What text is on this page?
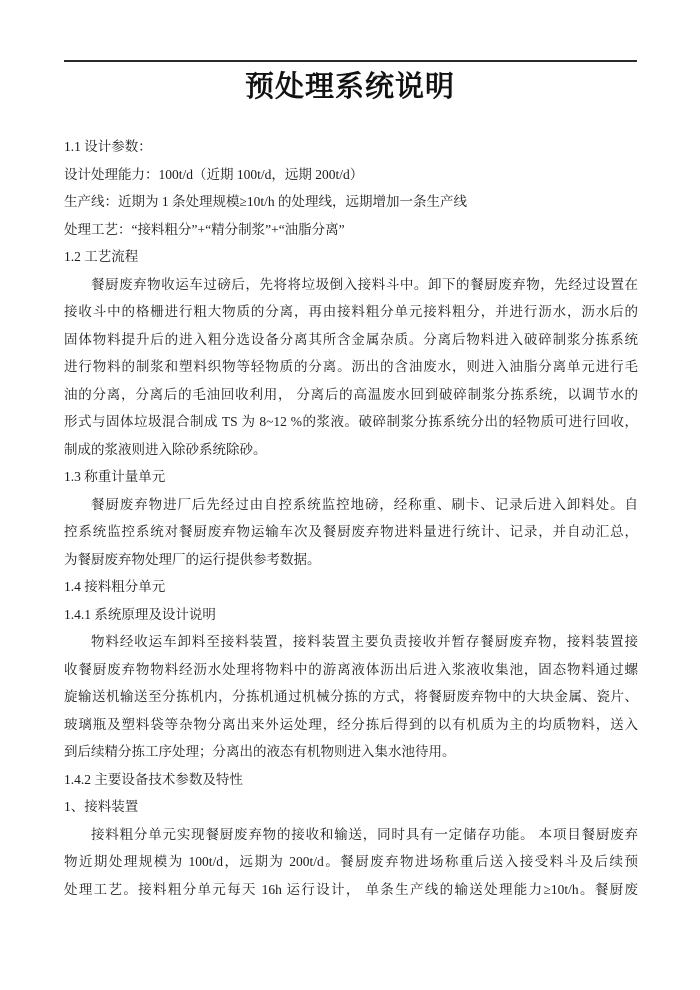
预处理系统说明
1.1 设计参数：
设计处理能力：100t/d（近期 100t/d，远期 200t/d）
生产线：近期为 1 条处理规模≥10t/h 的处理线，远期增加一条生产线
处理工艺：“接料粗分”+“精分制浆”+“油脂分离”
1.2 工艺流程
餐厨废弃物收运车过磅后，先将将垃圾倒入接料斗中。卸下的餐厨废弃物，先经过设置在
接收斗中的格栅进行粗大物质的分离，再由接料粗分单元接料粗分，并进行沥水，沥水后的
固体物料提升后的进入粗分选设备分离其所含金属杂质。分离后物料进入破碎制浆分拣系统
进行物料的制浆和塑料织物等轻物质的分离。沥出的含油废水，则进入油脂分离单元进行毛
油的分离，分离后的毛油回收利用， 分离后的高温废水回到破碎制浆分拣系统，以调节水的
形式与固体垃圾混合制成 TS 为 8~12 %的浆液。破碎制浆分拣系统分出的轻物质可进行回收，
制成的浆液则进入除砂系统除砂。
1.3 称重计量单元
餐厨废弃物进厂后先经过由自控系统监控地磅，经称重、刷卡、记录后进入卸料处。自
控系统监控系统对餐厨废弃物运输车次及餐厨废弃物进料量进行统计、记录，并自动汇总，
为餐厨废弃物处理厂的运行提供参考数据。
1.4 接料粗分单元
1.4.1 系统原理及设计说明
物料经收运车卸料至接料装置，接料装置主要负责接收并暂存餐厨废弃物，接料装置接
收餐厨废弃物物料经沥水处理将物料中的游离液体沥出后进入浆液收集池，固态物料通过螺
旋输送机输送至分拣机内，分拣机通过机械分拣的方式，将餐厨废弃物中的大块金属、瓷片、
玻璃瓶及塑料袋等杂物分离出来外运处理，经分拣后得到的以有机质为主的均质物料，送入
到后续精分拣工序处理；分离出的液态有机物则进入集水池待用。
1.4.2 主要设备技术参数及特性
1、接料装置
接料粗分单元实现餐厨废弃物的接收和输送，同时具有一定储存功能。 本项目餐厨废弃
物近期处理规模为 100t/d，远期为 200t/d。餐厨废弃物进场称重后送入接受料斗及后续预
处理工艺。接料粗分单元每天 16h 运行设计， 单条生产线的输送处理能力≥10t/h。餐厨废
